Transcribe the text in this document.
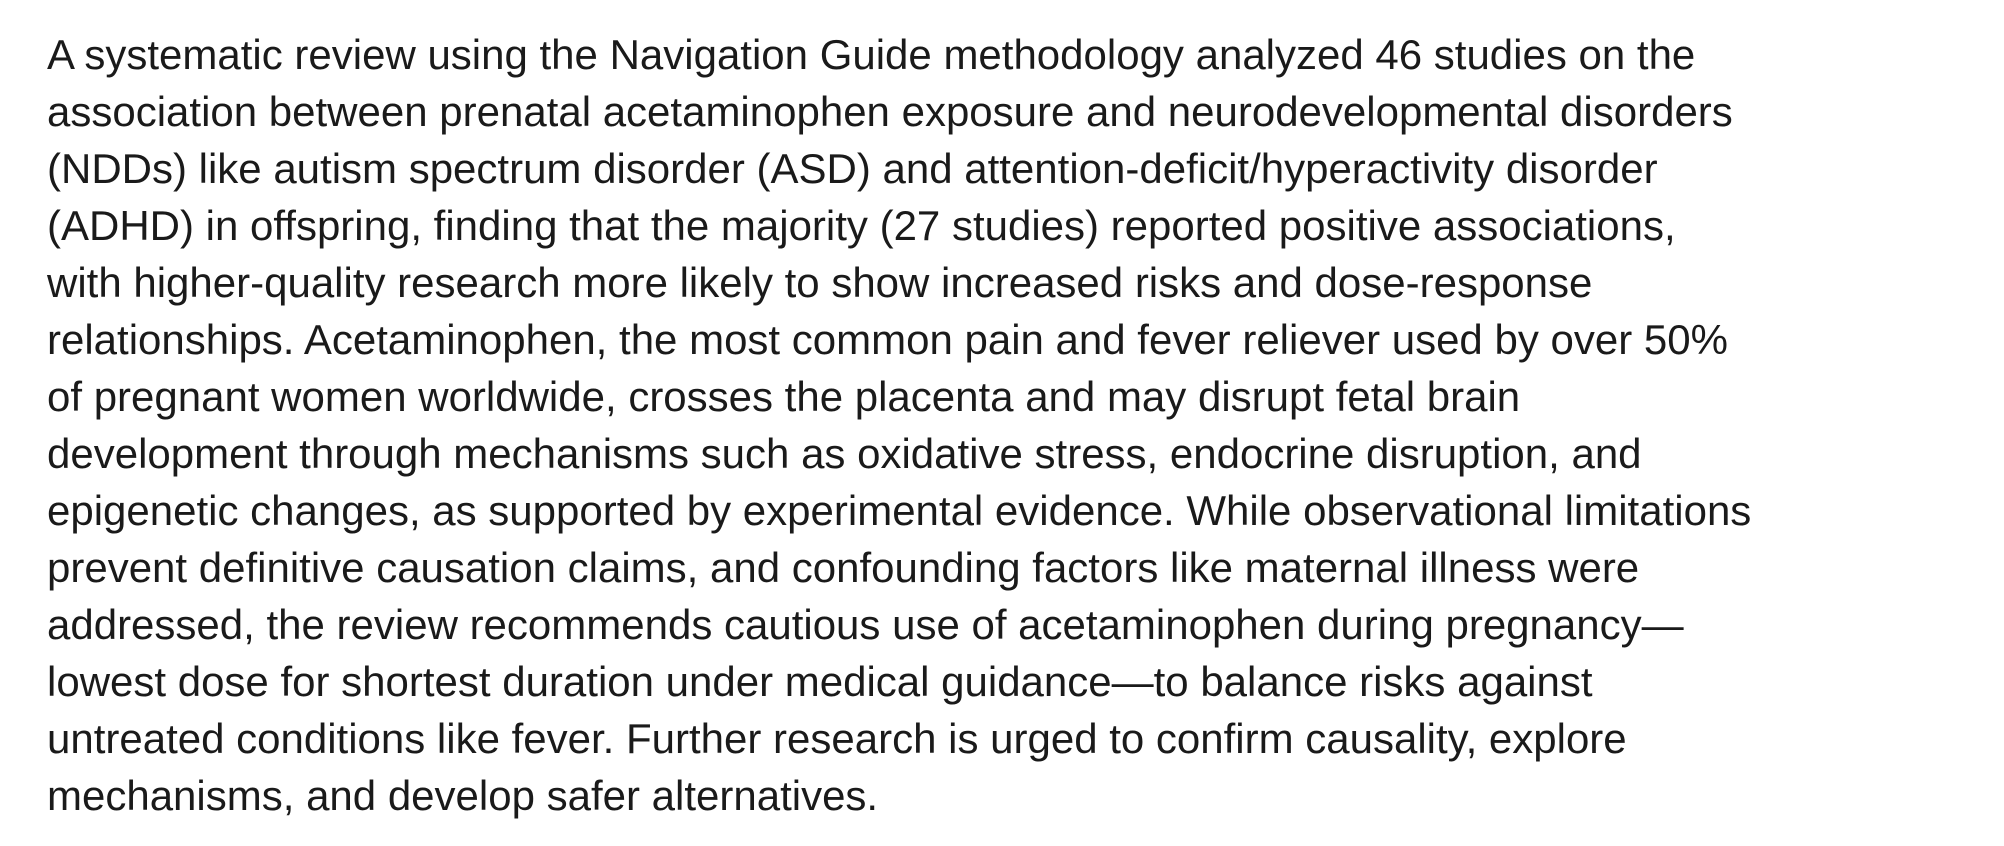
A systematic review using the Navigation Guide methodology analyzed 46 studies on the
association between prenatal acetaminophen exposure and neurodevelopmental disorders
(NDDs) like autism spectrum disorder (ASD) and attention-deficit/hyperactivity disorder
(ADHD) in offspring, finding that the majority (27 studies) reported positive associations,
with higher-quality research more likely to show increased risks and dose-response
relationships. Acetaminophen, the most common pain and fever reliever used by over 50%
of pregnant women worldwide, crosses the placenta and may disrupt fetal brain
development through mechanisms such as oxidative stress, endocrine disruption, and
epigenetic changes, as supported by experimental evidence. While observational limitations
prevent definitive causation claims, and confounding factors like maternal illness were
addressed, the review recommends cautious use of acetaminophen during pregnancy—
lowest dose for shortest duration under medical guidance—to balance risks against
untreated conditions like fever. Further research is urged to confirm causality, explore
mechanisms, and develop safer alternatives.
